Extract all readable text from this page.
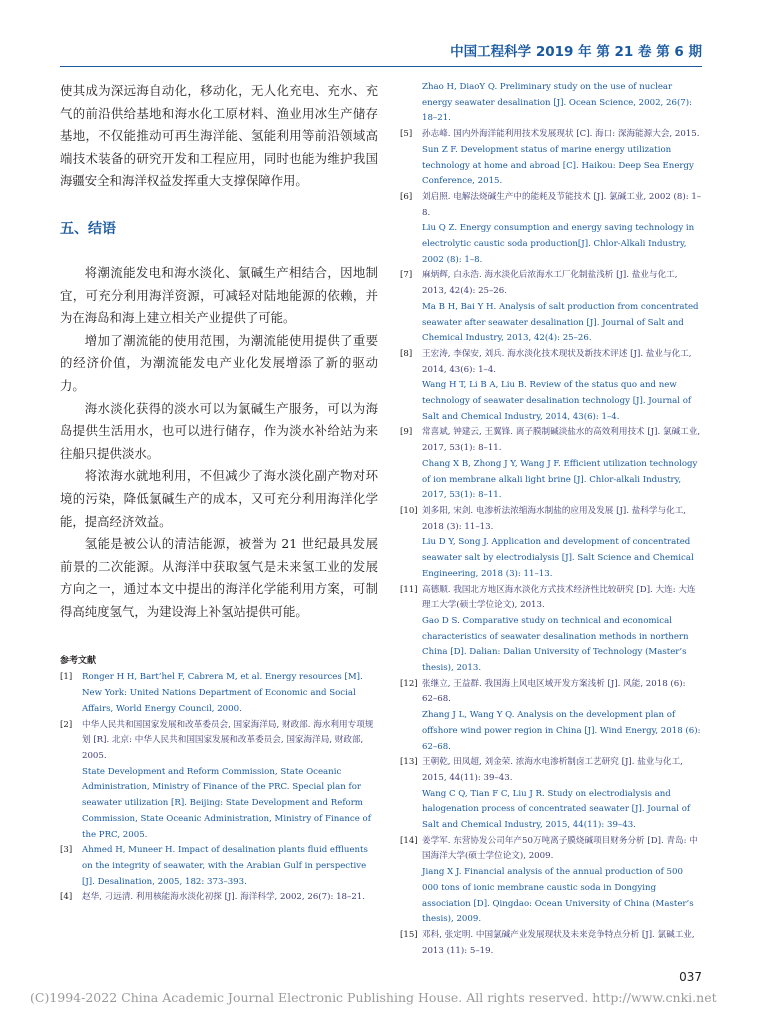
中国工程科学 2019 年 第 21 卷 第 6 期

使其成为深远海自动化，移动化，无人化充电、充水、充气的前沿供给基地和海水化工原材料、渔业用冰生产储存基地，不仅能推动可再生海洋能、氢能利用等前沿领域高端技术装备的研究开发和工程应用，同时也能为维护我国海疆安全和海洋权益发挥重大支撑保障作用。

五、结语

将潮流能发电和海水淡化、氯碱生产相结合，因地制宜，可充分利用海洋资源，可减轻对陆地能源的依赖，并为在海岛和海上建立相关产业提供了可能。

增加了潮流能的使用范围，为潮流能使用提供了重要的经济价值，为潮流能发电产业化发展增添了新的驱动力。

海水淡化获得的淡水可以为氯碱生产服务，可以为海岛提供生活用水，也可以进行储存，作为淡水补给站为来往船只提供淡水。

将浓海水就地利用，不但减少了海水淡化副产物对环境的污染，降低氯碱生产的成本，又可充分利用海洋化学能，提高经济效益。

氢能是被公认的清洁能源，被誉为 21 世纪最具发展前景的二次能源。从海洋中获取氢气是未来氢工业的发展方向之一，通过本文中提出的海洋化学能利用方案，可制得高纯度氢气，为建设海上补氢站提供可能。

参考文献
[1]	Ronger H H, Bart’hel F, Cabrera M, et al. Energy resources [M]. New York: United Nations Department of Economic and Social Affairs, World Energy Council, 2000.
[2]	中华人民共和国国家发展和改革委员会, 国家海洋局, 财政部. 海水利用专项规划 [R]. 北京: 中华人民共和国国家发展和改革委员会, 国家海洋局, 财政部, 2005.
State Development and Reform Commission, State Oceanic Administration, Ministry of Finance of the PRC. Special plan for seawater utilization [R]. Beijing: State Development and Reform Commission, State Oceanic Administration, Ministry of Finance of the PRC, 2005.
[3]	Ahmed H, Muneer H. Impact of desalination plants fluid effluents on the integrity of seawater, with the Arabian Gulf in perspective [J]. Desalination, 2005, 182: 373–393.
[4]	赵华, 刁远清. 利用核能海水淡化初探 [J]. 海洋科学, 2002, 26(7): 18–21.
Zhao H, DiaoY Q. Preliminary study on the use of nuclear energy seawater desalination [J]. Ocean Science, 2002, 26(7): 18–21.
[5]	孙志峰. 国内外海洋能利用技术发展现状 [C]. 海口: 深海能源大会, 2015.
Sun Z F. Development status of marine energy utilization technology at home and abroad [C]. Haikou: Deep Sea Energy Conference, 2015.
[6]	刘启照. 电解法烧碱生产中的能耗及节能技术 [J]. 氯碱工业, 2002 (8): 1–8.
Liu Q Z. Energy consumption and energy saving technology in electrolytic caustic soda production[J]. Chlor-Alkali Industry, 2002 (8): 1–8.
[7]	麻炳辉, 白永浩. 海水淡化后浓海水工厂化制盐浅析 [J]. 盐业与化工, 2013, 42(4): 25–26.
Ma B H, Bai Y H. Analysis of salt production from concentrated seawater after seawater desalination [J]. Journal of Salt and Chemical Industry, 2013, 42(4): 25–26.
[8]	王宏涛, 李保安, 刘兵. 海水淡化技术现状及新技术评述 [J]. 盐业与化工, 2014, 43(6): 1–4.
Wang H T, Li B A, Liu B. Review of the status quo and new technology of seawater desalination technology [J]. Journal of Salt and Chemical Industry, 2014, 43(6): 1–4.
[9]	常喜斌, 钟建云, 王翼锋. 离子膜制碱淡盐水的高效利用技术 [J]. 氯碱工业, 2017, 53(1): 8–11.
Chang X B, Zhong J Y, Wang J F. Efficient utilization technology of ion membrane alkali light brine [J]. Chlor-alkali Industry, 2017, 53(1): 8–11.
[10] 刘多阳, 宋剑. 电渗析法浓缩海水制盐的应用及发展 [J]. 盐科学与化工, 2018 (3): 11–13.
Liu D Y, Song J. Application and development of concentrated seawater salt by electrodialysis [J]. Salt Science and Chemical Engineering, 2018 (3): 11–13.
[11] 高德顺. 我国北方地区海水淡化方式技术经济性比较研究 [D]. 大连: 大连理工大学(硕士学位论文), 2013.
Gao D S. Comparative study on technical and economical characteristics of seawater desalination methods in northern China [D]. Dalian: Dalian University of Technology (Master’s thesis), 2013.
[12] 张继立, 王益群. 我国海上风电区域开发方案浅析 [J]. 风能, 2018 (6): 62–68.
Zhang J L, Wang Y Q. Analysis on the development plan of offshore wind power region in China [J]. Wind Energy, 2018 (6): 62–68.
[13] 王朝乾, 田凤超, 刘金荣. 浓海水电渗析制卤工艺研究 [J]. 盐业与化工, 2015, 44(11): 39–43.
Wang C Q, Tian F C, Liu J R. Study on electrodialysis and halogenation process of concentrated seawater [J]. Journal of Salt and Chemical Industry, 2015, 44(11): 39–43.
[14] 姜学军. 东营协发公司年产50万吨离子膜烧碱项目财务分析 [D]. 青岛: 中国海洋大学(硕士学位论文), 2009.
Jiang X J. Financial analysis of the annual production of 500 000 tons of ionic membrane caustic soda in Dongying association [D]. Qingdao: Ocean University of China (Master’s thesis), 2009.
[15] 邓科, 张定明. 中国氯碱产业发展现状及未来竞争特点分析 [J]. 氯碱工业, 2013 (11): 5–19.
037
(C)1994-2022 China Academic Journal Electronic Publishing House. All rights reserved. http://www.cnki.net
